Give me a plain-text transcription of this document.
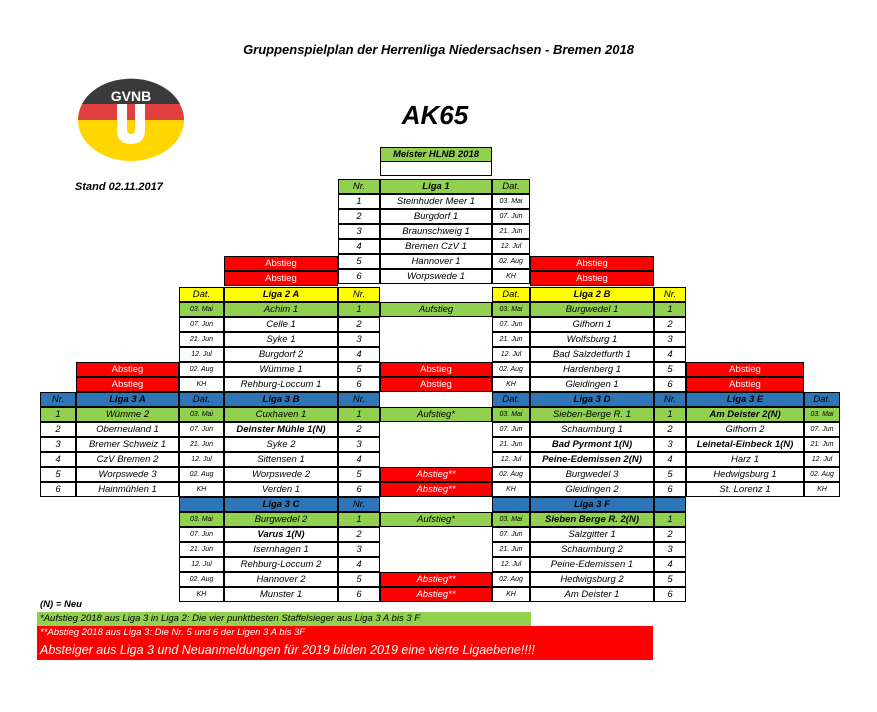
Gruppenspielplan der Herrenliga Niedersachsen - Bremen 2018
GVNB
AK65
Stand 02.11.2017
Meister HLNB 2018
Nr.	Liga 1	Dat.
1	Steinhuder Meer 1	03. Mai
2	Burgdorf 1	07. Jun
3	Braunschweig 1	21. Jun
4	Bremen CzV 1	12. Jul
5	Hannover 1	02. Aug
6	Worpswede 1	KH
Abstieg
Abstieg
Abstieg
Abstieg
Dat.	Liga 2 A	Nr.	Dat.	Liga 2 B	Nr.
03. Mai	Achim 1	1	03. Mai	Burgwedel 1	1
07. Jun	Celle 1	2	07. Jun	Gifhorn 1	2
21. Jun	Syke 1	3	21. Jun	Wolfsburg 1	3
12. Jul	Burgdorf 2	4	12. Jul	Bad Salzdetfurth 1	4
02. Aug	Wümme 1	5	02. Aug	Hardenberg 1	5
KH	Rehburg-Loccum 1	6	KH	Gleidingen 1	6
Aufstieg
Abstieg
Abstieg
Abstieg
Abstieg
Abstieg
Abstieg
Nr.	Liga 3 A	Dat.	Liga 3 B	Nr.	Dat.	Liga 3 D	Nr.	Liga 3 E	Dat.
1	Wümme 2	03. Mai	Cuxhaven 1	1	03. Mai	Sieben-Berge R. 1	1	Am Deister 2(N)	03. Mai
2	Oberneuland 1	07. Jun	Deinster Mühle 1(N)	2	07. Jun	Schaumburg 1	2	Gifhorn 2	07. Jun
3	Bremer Schweiz 1	21. Jun	Syke 2	3	21. Jun	Bad Pyrmont 1(N)	3	Leinetal-Einbeck 1(N)	21. Jun
4	CzV Bremen 2	12. Jul	Sittensen 1	4	12. Jul	Peine-Edemissen 2(N)	4	Harz 1	12. Jul
5	Worpswede 3	02. Aug	Worpswede 2	5	02. Aug	Burgwedel 3	5	Hedwigsburg 1	02. Aug
6	Hainmühlen 1	KH	Verden 1	6	KH	Gleidingen 2	6	St. Lorenz 1	KH
Aufstieg*
Abstieg**
Abstieg**
Liga 3 C	Nr.	Liga 3 F
03. Mai	Burgwedel 2	1	03. Mai	Sieben Berge R. 2(N)	1
07. Jun	Varus 1(N)	2	07. Jun	Salzgitter 1	2
21. Jun	Isernhagen 1	3	21. Jun	Schaumburg 2	3
12. Jul	Rehburg-Loccum 2	4	12. Jul	Peine-Edemissen 1	4
02. Aug	Hannover 2	5	02. Aug	Hedwigsburg 2	5
KH	Munster 1	6	KH	Am Deister 1	6
Aufstieg*
Abstieg**
Abstieg**
(N) = Neu
*Aufstieg 2018 aus Liga 3 in Liga 2: Die vier punktbesten Staffelsieger aus Liga 3 A bis 3 F
**Abstieg 2018 aus Liga 3: Die Nr. 5 und 6 der Ligen 3 A bis 3F
Absteiger aus Liga 3 und Neuanmeldungen für 2019 bilden 2019 eine vierte Ligaebene!!!!
